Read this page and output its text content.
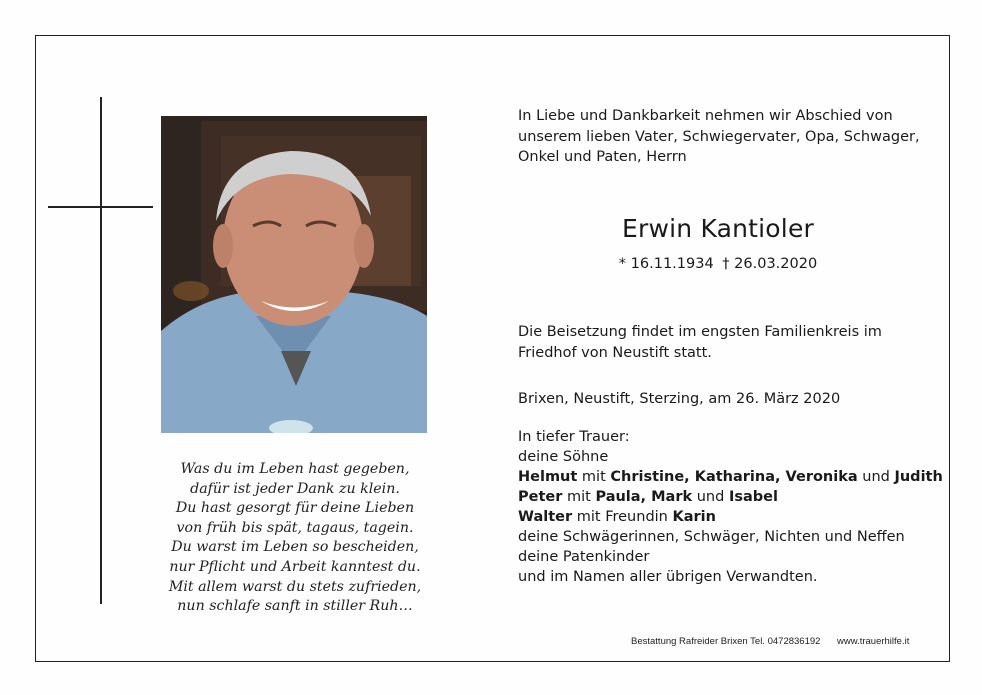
Was du im Leben hast gegeben,
dafür ist jeder Dank zu klein.
Du hast gesorgt für deine Lieben
von früh bis spät, tagaus, tagein.
Du warst im Leben so bescheiden,
nur Pflicht und Arbeit kanntest du.
Mit allem warst du stets zufrieden,
nun schlafe sanft in stiller Ruh…
In Liebe und Dankbarkeit nehmen wir Abschied von
unserem lieben Vater, Schwiegervater, Opa, Schwager,
Onkel und Paten, Herrn
Erwin Kantioler
* 16.11.1934 † 26.03.2020
Die Beisetzung findet im engsten Familienkreis im
Friedhof von Neustift statt.
Brixen, Neustift, Sterzing, am 26. März 2020
In tiefer Trauer:
deine Söhne
Helmut mit Christine, Katharina, Veronika und Judith
Peter mit Paula, Mark und Isabel
Walter mit Freundin Karin
deine Schwägerinnen, Schwäger, Nichten und Neffen
deine Patenkinder
und im Namen aller übrigen Verwandten.
Bestattung Rafreider Brixen Tel. 0472836192 www.trauerhilfe.it
